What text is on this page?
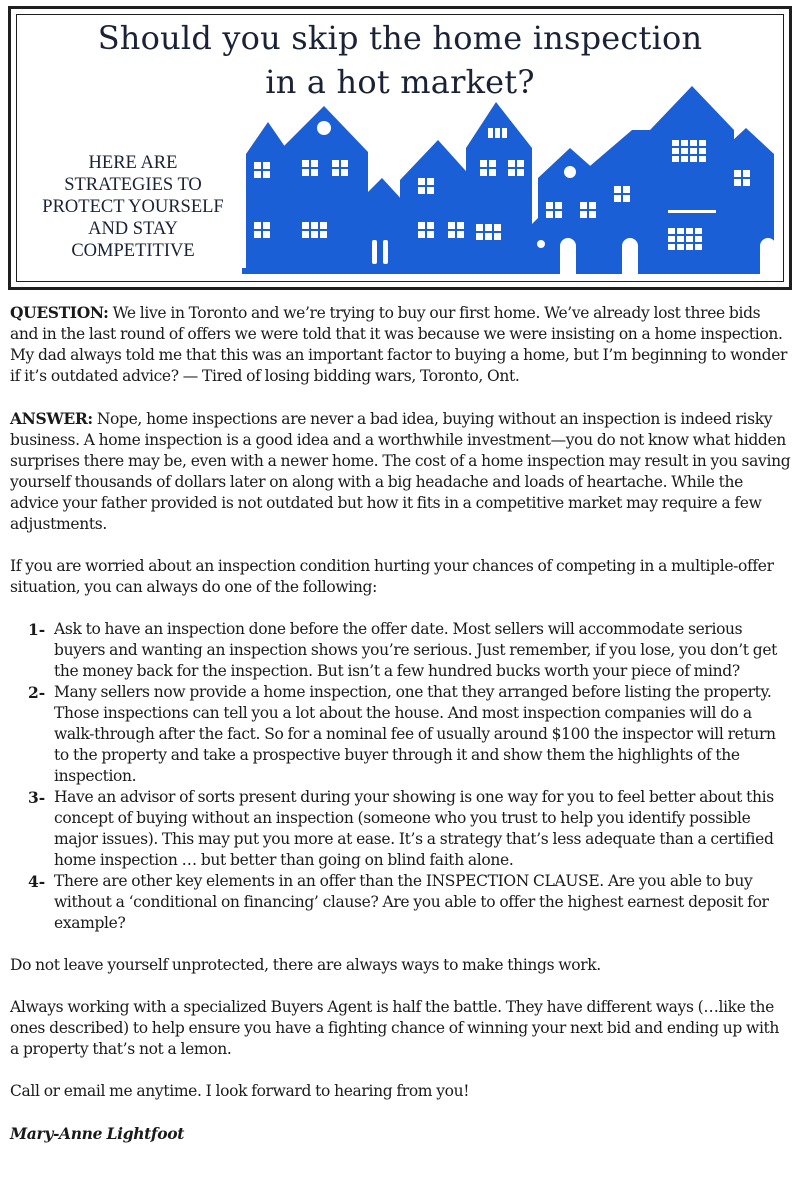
Should you skip the home inspection
in a hot market?
HERE ARE
STRATEGIES TO
PROTECT YOURSELF
AND STAY
COMPETITIVE

QUESTION: We live in Toronto and we’re trying to buy our first home. We’ve already lost three bids and in the last round of offers we were told that it was because we were insisting on a home inspection. My dad always told me that this was an important factor to buying a home, but I’m beginning to wonder if it’s outdated advice? — Tired of losing bidding wars, Toronto, Ont.

ANSWER: Nope, home inspections are never a bad idea, buying without an inspection is indeed risky business. A home inspection is a good idea and a worthwhile investment—you do not know what hidden surprises there may be, even with a newer home. The cost of a home inspection may result in you saving yourself thousands of dollars later on along with a big headache and loads of heartache. While the advice your father provided is not outdated but how it fits in a competitive market may require a few adjustments.

If you are worried about an inspection condition hurting your chances of competing in a multiple-offer situation, you can always do one of the following:

1- Ask to have an inspection done before the offer date. Most sellers will accommodate serious buyers and wanting an inspection shows you’re serious. Just remember, if you lose, you don’t get the money back for the inspection. But isn’t a few hundred bucks worth your piece of mind?
2- Many sellers now provide a home inspection, one that they arranged before listing the property. Those inspections can tell you a lot about the house. And most inspection companies will do a walk-through after the fact. So for a nominal fee of usually around $100 the inspector will return to the property and take a prospective buyer through it and show them the highlights of the inspection.
3- Have an advisor of sorts present during your showing is one way for you to feel better about this concept of buying without an inspection (someone who you trust to help you identify possible major issues). This may put you more at ease. It’s a strategy that’s less adequate than a certified home inspection … but better than going on blind faith alone.
4- There are other key elements in an offer than the INSPECTION CLAUSE. Are you able to buy without a ‘conditional on financing’ clause? Are you able to offer the highest earnest deposit for example?

Do not leave yourself unprotected, there are always ways to make things work.

Always working with a specialized Buyers Agent is half the battle. They have different ways (…like the ones described) to help ensure you have a fighting chance of winning your next bid and ending up with a property that’s not a lemon.

Call or email me anytime. I look forward to hearing from you!

Mary-Anne Lightfoot
